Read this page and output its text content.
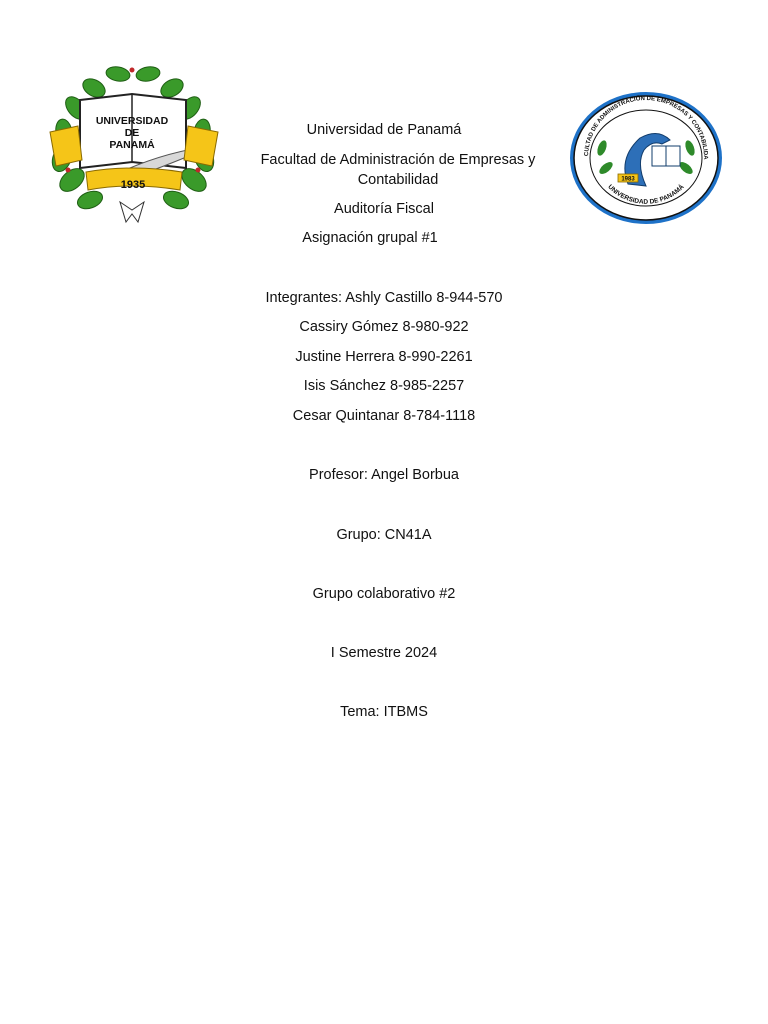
UNIVERSIDAD
DE
PANAMÁ
1935
Universidad de Panamá
Facultad de Administración de Empresas y Contabilidad
Auditoría Fiscal
Asignación grupal #1
Integrantes: Ashly Castillo 8-944-570
Cassiry Gómez 8-980-922
Justine Herrera 8-990-2261
Isis Sánchez 8-985-2257
Cesar Quintanar 8-784-1118
Profesor: Angel Borbua
Grupo: CN41A
Grupo colaborativo #2
I Semestre 2024
Tema: ITBMS
CULTAD DE ADMINISTRACIÓN DE EMPRESAS Y CONTABILIDA
UNIVERSIDAD DE PANAMÁ
1983
